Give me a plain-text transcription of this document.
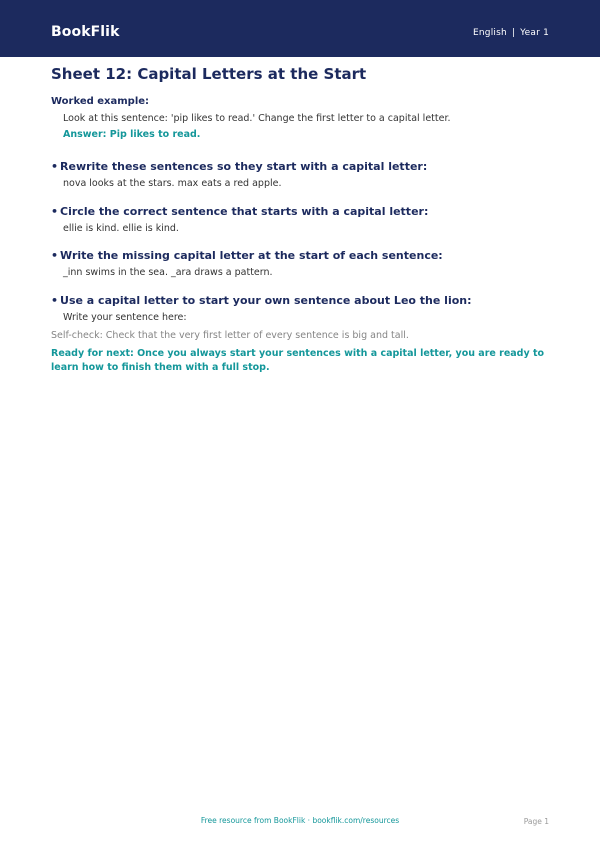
BookFlik	English | Year 1
Sheet 12: Capital Letters at the Start
Worked example:
Look at this sentence: 'pip likes to read.' Change the first letter to a capital letter.
Answer: Pip likes to read.
• Rewrite these sentences so they start with a capital letter:
nova looks at the stars. max eats a red apple.
• Circle the correct sentence that starts with a capital letter:
ellie is kind. ellie is kind.
• Write the missing capital letter at the start of each sentence:
_inn swims in the sea. _ara draws a pattern.
• Use a capital letter to start your own sentence about Leo the lion:
Write your sentence here:
Self-check: Check that the very first letter of every sentence is big and tall.
Ready for next: Once you always start your sentences with a capital letter, you are ready to learn how to finish them with a full stop.
Free resource from BookFlik · bookflik.com/resources	Page 1
